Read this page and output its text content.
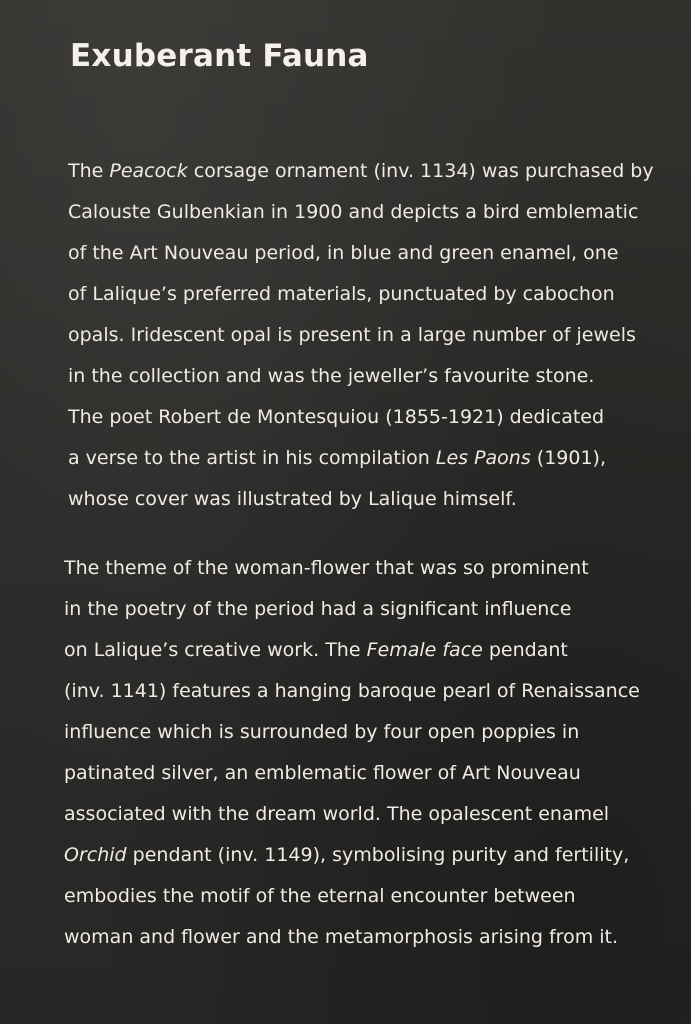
Exuberant Fauna
The Peacock corsage ornament (inv. 1134) was purchased by
Calouste Gulbenkian in 1900 and depicts a bird emblematic
of the Art Nouveau period, in blue and green enamel, one
of Lalique’s preferred materials, punctuated by cabochon
opals. Iridescent opal is present in a large number of jewels
in the collection and was the jeweller’s favourite stone.
The poet Robert de Montesquiou (1855-1921) dedicated
a verse to the artist in his compilation Les Paons (1901),
whose cover was illustrated by Lalique himself.
The theme of the woman-flower that was so prominent
in the poetry of the period had a significant influence
on Lalique’s creative work. The Female face pendant
(inv. 1141) features a hanging baroque pearl of Renaissance
influence which is surrounded by four open poppies in
patinated silver, an emblematic flower of Art Nouveau
associated with the dream world. The opalescent enamel
Orchid pendant (inv. 1149), symbolising purity and fertility,
embodies the motif of the eternal encounter between
woman and flower and the metamorphosis arising from it.
